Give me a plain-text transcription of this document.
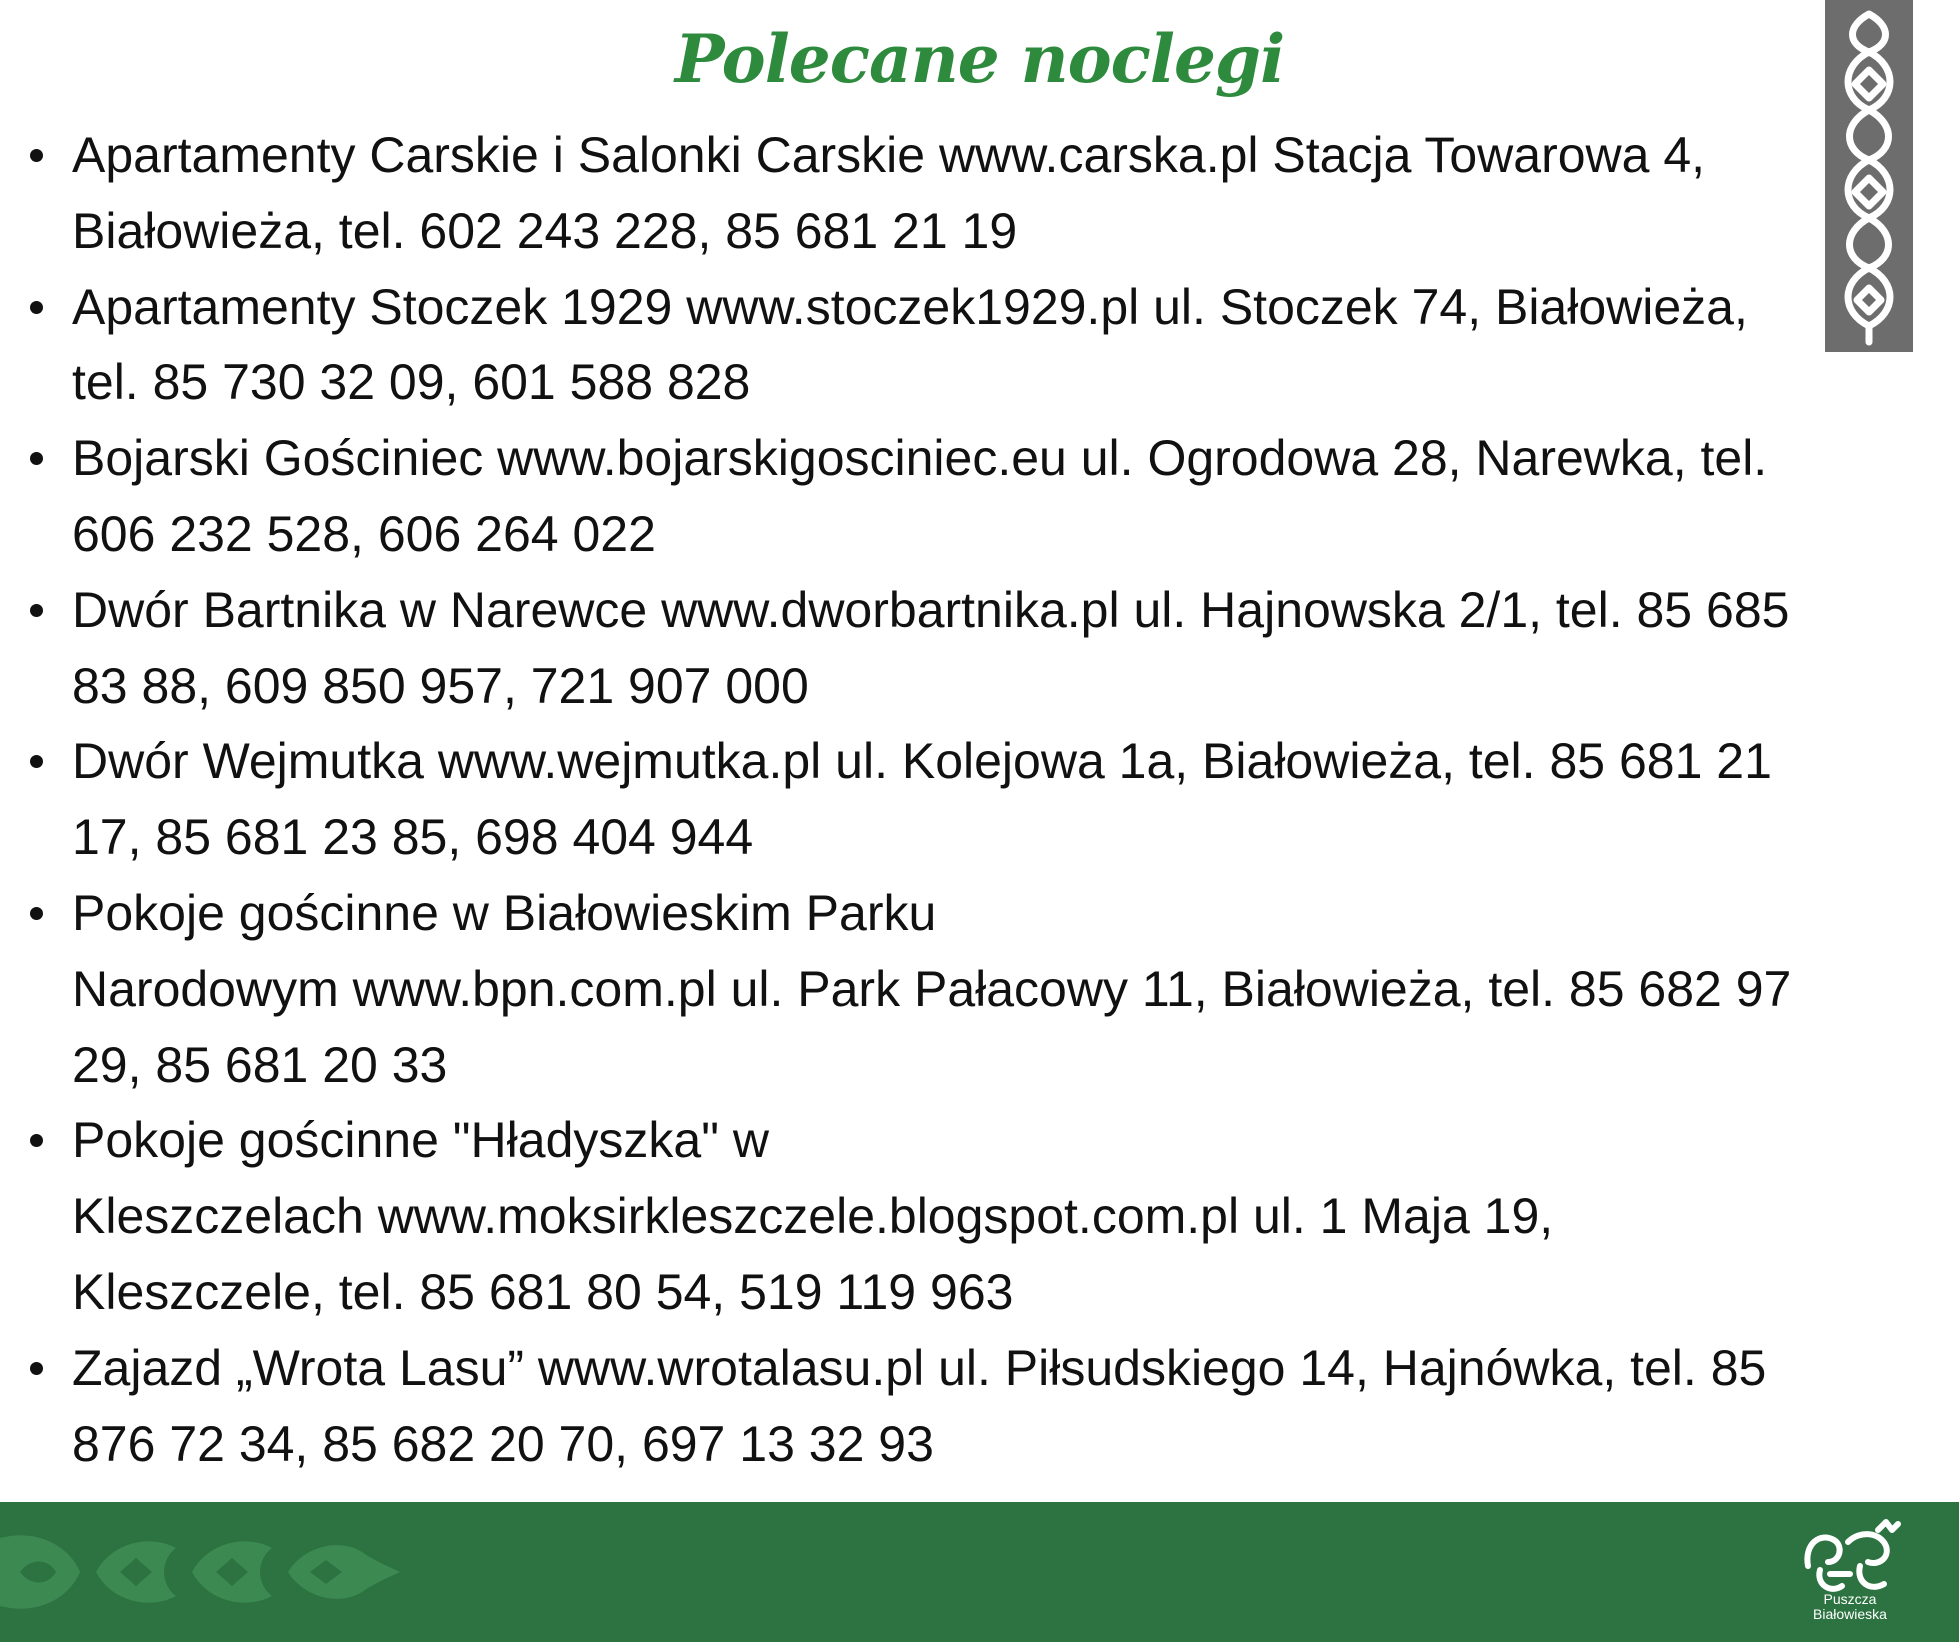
Polecane noclegi
Apartamenty Carskie i Salonki Carskie www.carska.pl Stacja Towarowa 4, Białowieża, tel. 602 243 228, 85 681 21 19
Apartamenty Stoczek 1929 www.stoczek1929.pl ul. Stoczek 74, Białowieża, tel. 85 730 32 09, 601 588 828
Bojarski Gościniec www.bojarskigosciniec.eu ul. Ogrodowa 28, Narewka, tel. 606 232 528, 606 264 022
Dwór Bartnika w Narewce www.dworbartnika.pl ul. Hajnowska 2/1, tel. 85 685 83 88, 609 850 957, 721 907 000
Dwór Wejmutka www.wejmutka.pl ul. Kolejowa 1a, Białowieża, tel. 85 681 21 17, 85 681 23 85, 698 404 944
Pokoje gościnne w Białowieskim Parku
Narodowym www.bpn.com.pl ul. Park Pałacowy 11, Białowieża, tel. 85 682 97 29, 85 681 20 33
Pokoje gościnne "Hładyszka" w
Kleszczelach www.moksirkleszczele.blogspot.com.pl ul. 1 Maja 19, Kleszczele, tel. 85 681 80 54, 519 119 963
Zajazd „Wrota Lasu” www.wrotalasu.pl ul. Piłsudskiego 14, Hajnówka, tel. 85 876 72 34, 85 682 20 70, 697 13 32 93
Puszcza
Białowieska
